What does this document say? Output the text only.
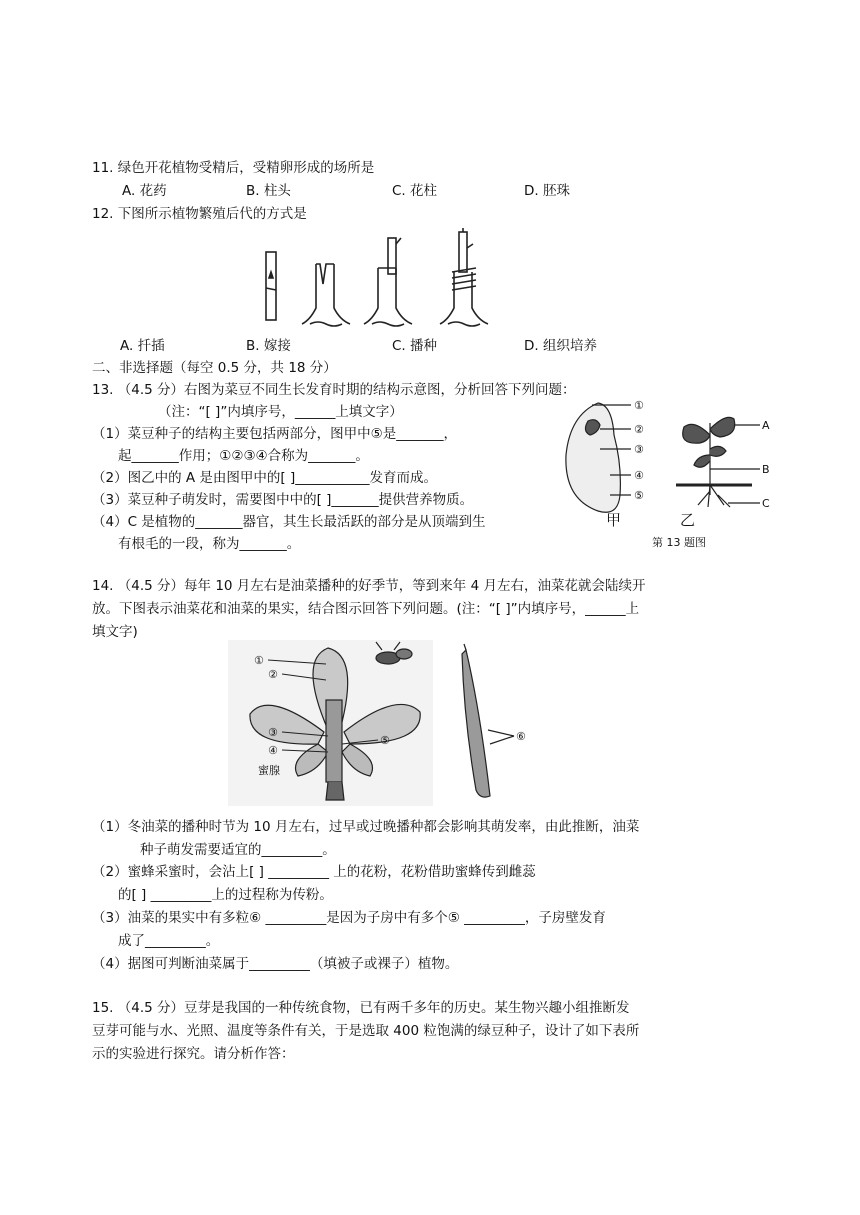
11. 绿色开花植物受精后，受精卵形成的场所是
A. 花药	B. 柱头	C. 花柱	D. 胚珠
12. 下图所示植物繁殖后代的方式是
A. 扦插	B. 嫁接	C. 播种	D. 组织培养
二、非选择题（每空 0.5 分，共 18 分）
13. （4.5 分）右图为菜豆不同生长发育时期的结构示意图，分析回答下列问题：
（注：“[ ]”内填序号，______上填文字）
（1）菜豆种子的结构主要包括两部分，图甲中⑤是_______，
起_______作用；①②③④合称为_______。
（2）图乙中的 A 是由图甲中的[ ]___________发育而成。
（3）菜豆种子萌发时，需要图中中的[ ]_______提供营养物质。
（4）C 是植物的_______器官，其生长最活跃的部分是从顶端到生
有根毛的一段，称为_______。
①
②
③
④
⑤
A
B
C
甲	乙
第 13 题图
14. （4.5 分）每年 10 月左右是油菜播种的好季节，等到来年 4 月左右，油菜花就会陆续开
放。下图表示油菜花和油菜的果实，结合图示回答下列问题。(注：“[ ]”内填序号，______上
填文字)
①
②
③
④
⑤
蜜腺
⑥
（1）冬油菜的播种时节为 10 月左右，过早或过晚播种都会影响其萌发率，由此推断，油菜
种子萌发需要适宜的_________。
（2）蜜蜂采蜜时，会沾上[ ] _________ 上的花粉，花粉借助蜜蜂传到雌蕊
的[ ] _________上的过程称为传粉。
（3）油菜的果实中有多粒⑥ _________是因为子房中有多个⑤ _________，子房壁发育
成了_________。
（4）据图可判断油菜属于_________（填被子或裸子）植物。
15. （4.5 分）豆芽是我国的一种传统食物，已有两千多年的历史。某生物兴趣小组推断发
豆芽可能与水、光照、温度等条件有关，于是选取 400 粒饱满的绿豆种子，设计了如下表所
示的实验进行探究。请分析作答：
